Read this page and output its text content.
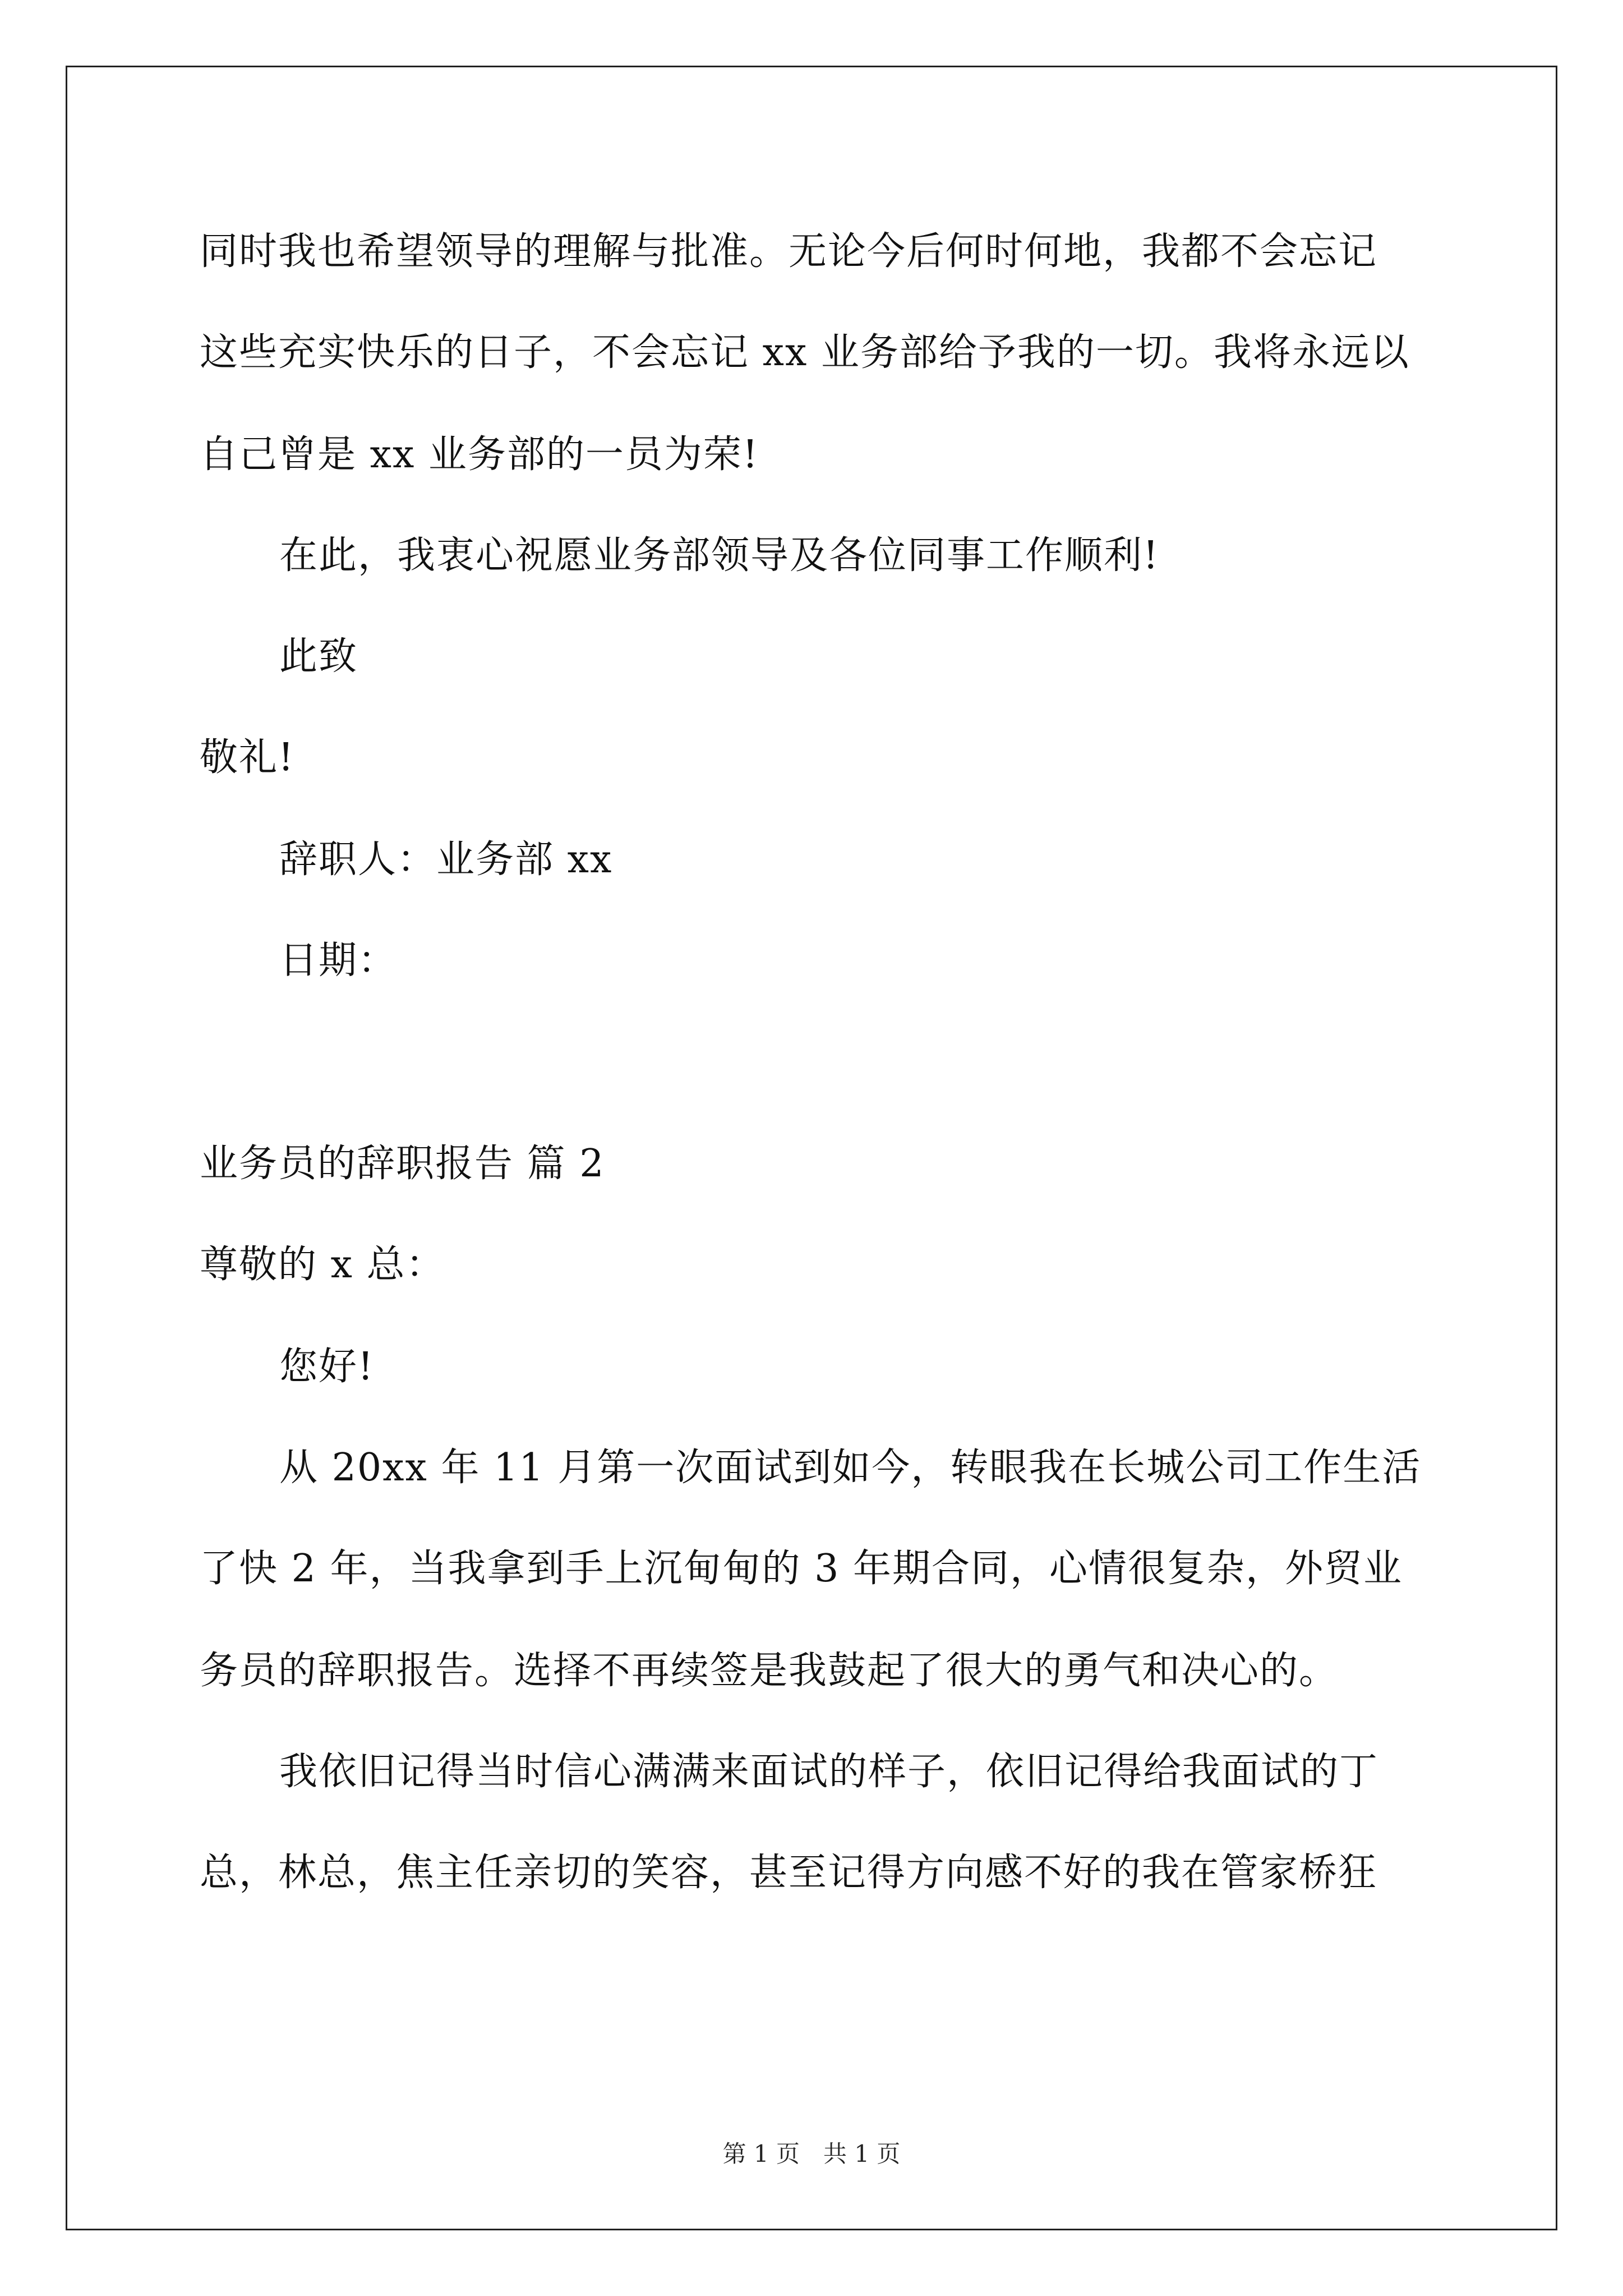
同时我也希望领导的理解与批准。无论今后何时何地，我都不会忘记
这些充实快乐的日子，不会忘记 xx 业务部给予我的一切。我将永远以
自己曾是 xx 业务部的一员为荣!
在此，我衷心祝愿业务部领导及各位同事工作顺利!
此致
敬礼!
辞职人：业务部 xx
日期：
业务员的辞职报告 篇 2
尊敬的 x 总：
您好!
从 20xx 年 11 月第一次面试到如今，转眼我在长城公司工作生活
了快 2 年，当我拿到手上沉甸甸的 3 年期合同，心情很复杂，外贸业
务员的辞职报告。选择不再续签是我鼓起了很大的勇气和决心的。
我依旧记得当时信心满满来面试的样子，依旧记得给我面试的丁
总，林总，焦主任亲切的笑容，甚至记得方向感不好的我在管家桥狂
第 1 页　共 1 页
